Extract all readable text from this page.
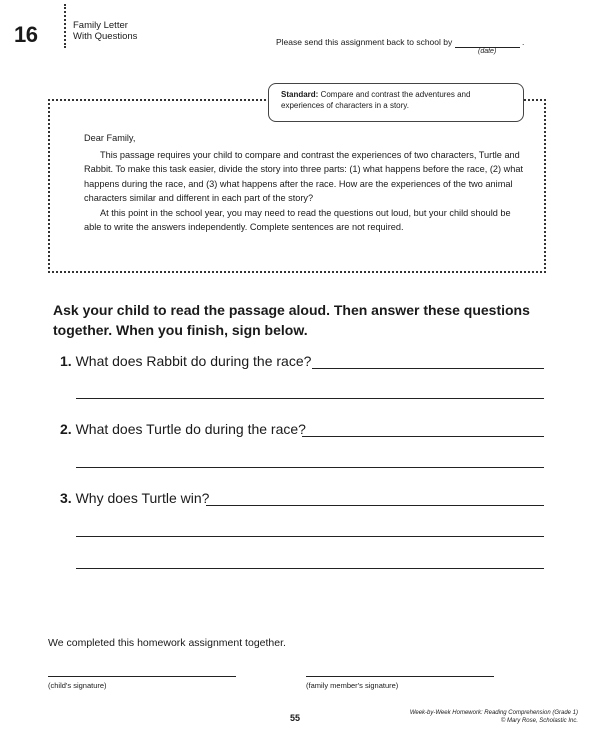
16	Family Letter
With Questions	Please send this assignment back to school by	.
(date)
Standard: Compare and contrast the adventures and experiences of characters in a story.

Dear Family,

This passage requires your child to compare and contrast the experiences of two characters, Turtle and Rabbit. To make this task easier, divide the story into three parts: (1) what happens before the race, (2) what happens during the race, and (3) what happens after the race. How are the experiences of the two animal characters similar and different in each part of the story?

At this point in the school year, you may need to read the questions out loud, but your child should be able to write the answers independently. Complete sentences are not required.

Ask your child to read the passage aloud. Then answer these questions together. When you finish, sign below.
1. What does Rabbit do during the race?
2. What does Turtle do during the race?
3. Why does Turtle win?
We completed this homework assignment together.
(child's signature)	(family member's signature)
55	Week-by-Week Homework: Reading Comprehension (Grade 1)
© Mary Rose, Scholastic Inc.
